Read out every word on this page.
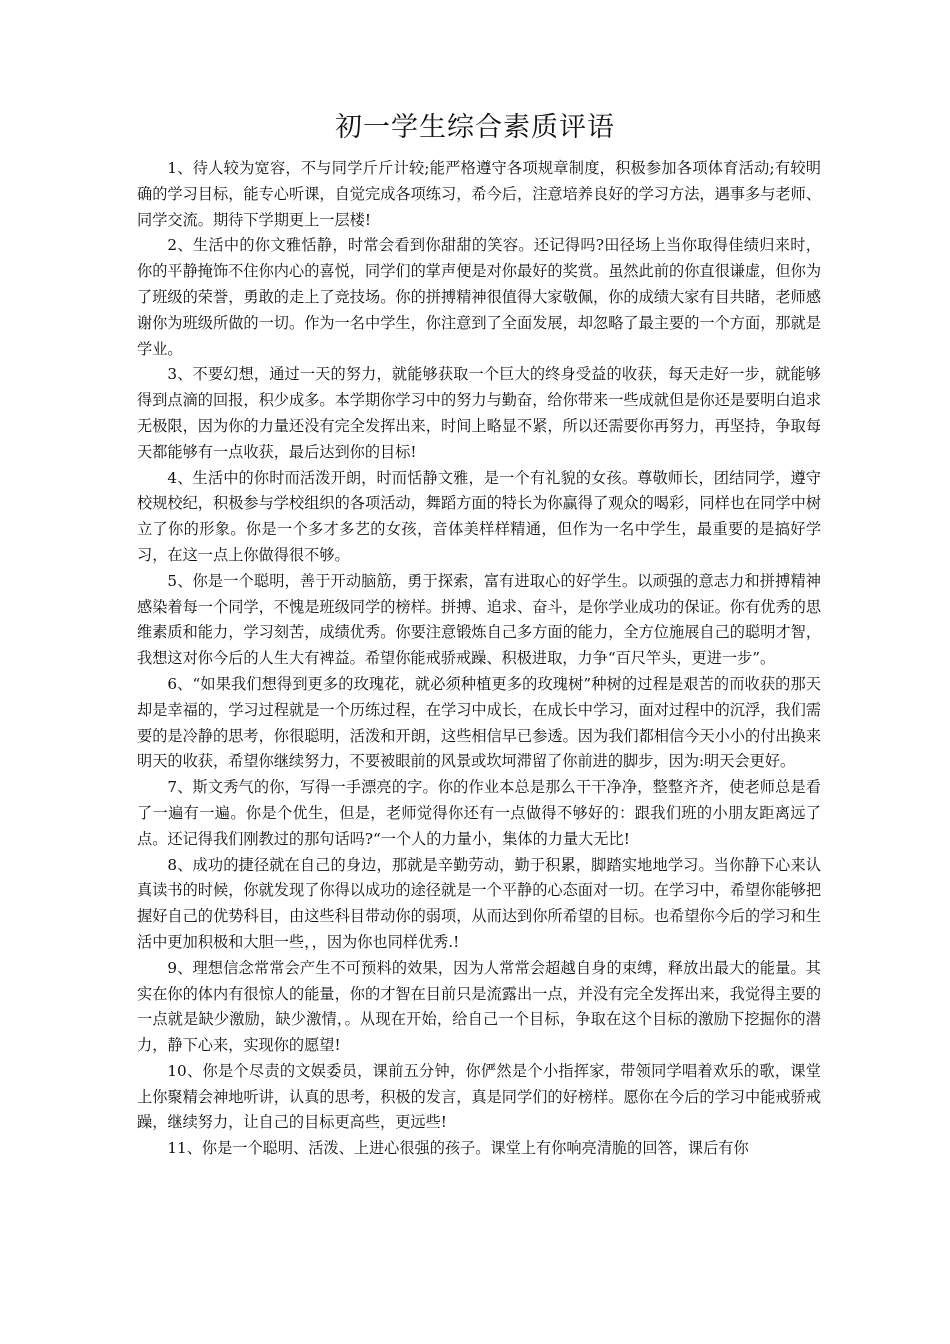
初一学生综合素质评语

1、待人较为宽容，不与同学斤斤计较;能严格遵守各项规章制度，积极参加各项体育活动;有较明确的学习目标，能专心听课，自觉完成各项练习，希今后，注意培养良好的学习方法，遇事多与老师、同学交流。期待下学期更上一层楼!

2、生活中的你文雅恬静，时常会看到你甜甜的笑容。还记得吗?田径场上当你取得佳绩归来时，你的平静掩饰不住你内心的喜悦，同学们的掌声便是对你最好的奖赏。虽然此前的你直很谦虚，但你为了班级的荣誉，勇敢的走上了竞技场。你的拼搏精神很值得大家敬佩，你的成绩大家有目共睹，老师感谢你为班级所做的一切。作为一名中学生，你注意到了全面发展，却忽略了最主要的一个方面，那就是学业。

3、不要幻想，通过一天的努力，就能够获取一个巨大的终身受益的收获，每天走好一步，就能够得到点滴的回报，积少成多。本学期你学习中的努力与勤奋，给你带来一些成就但是你还是要明白追求无极限，因为你的力量还没有完全发挥出来，时间上略显不紧，所以还需要你再努力，再坚持，争取每天都能够有一点收获，最后达到你的目标!

4、生活中的你时而活泼开朗，时而恬静文雅，是一个有礼貌的女孩。尊敬师长，团结同学，遵守校规校纪，积极参与学校组织的各项活动，舞蹈方面的特长为你赢得了观众的喝彩，同样也在同学中树立了你的形象。你是一个多才多艺的女孩，音体美样样精通，但作为一名中学生，最重要的是搞好学习，在这一点上你做得很不够。

5、你是一个聪明，善于开动脑筋，勇于探索，富有进取心的好学生。以顽强的意志力和拼搏精神感染着每一个同学，不愧是班级同学的榜样。拼搏、追求、奋斗，是你学业成功的保证。你有优秀的思维素质和能力，学习刻苦，成绩优秀。你要注意锻炼自己多方面的能力，全方位施展自己的聪明才智，我想这对你今后的人生大有裨益。希望你能戒骄戒躁、积极进取，力争“百尺竿头，更进一步”。

6、“如果我们想得到更多的玫瑰花，就必须种植更多的玫瑰树”种树的过程是艰苦的而收获的那天却是幸福的，学习过程就是一个历练过程，在学习中成长，在成长中学习，面对过程中的沉浮，我们需要的是冷静的思考，你很聪明，活泼和开朗，这些相信早已参透。因为我们都相信今天小小的付出换来明天的收获，希望你继续努力，不要被眼前的风景或坎坷滞留了你前进的脚步，因为:明天会更好。

7、斯文秀气的你，写得一手漂亮的字。你的作业本总是那么干干净净，整整齐齐，使老师总是看了一遍有一遍。你是个优生，但是，老师觉得你还有一点做得不够好的：跟我们班的小朋友距离远了点。还记得我们刚教过的那句话吗?“一个人的力量小，集体的力量大无比!

8、成功的捷径就在自己的身边，那就是辛勤劳动，勤于积累，脚踏实地地学习。当你静下心来认真读书的时候，你就发现了你得以成功的途径就是一个平静的心态面对一切。在学习中，希望你能够把握好自己的优势科目，由这些科目带动你的弱项，从而达到你所希望的目标。也希望你今后的学习和生活中更加积极和大胆一些，，因为你也同样优秀.!

9、理想信念常常会产生不可预料的效果，因为人常常会超越自身的束缚，释放出最大的能量。其实在你的体内有很惊人的能量，你的才智在目前只是流露出一点，并没有完全发挥出来，我觉得主要的一点就是缺少激励，缺少激情，。从现在开始，给自己一个目标，争取在这个目标的激励下挖掘你的潜力，静下心来，实现你的愿望!

10、你是个尽责的文娱委员，课前五分钟，你俨然是个小指挥家，带领同学唱着欢乐的歌，课堂上你聚精会神地听讲，认真的思考，积极的发言，真是同学们的好榜样。愿你在今后的学习中能戒骄戒躁，继续努力，让自己的目标更高些，更远些!

11、你是一个聪明、活泼、上进心很强的孩子。课堂上有你响亮清脆的回答，课后有你
